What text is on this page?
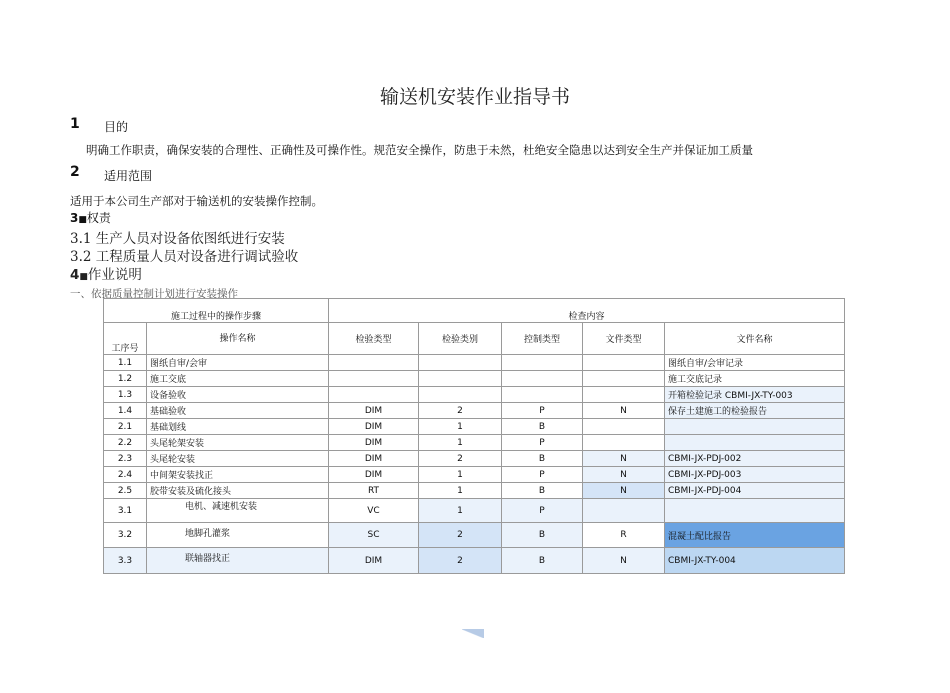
输送机安装作业指导书
1 目的
明确工作职责，确保安装的合理性、正确性及可操作性。规范安全操作，防患于未然，杜绝安全隐患以达到安全生产并保证加工质量
2 适用范围
适用于本公司生产部对于输送机的安装操作控制。
3■权责
3.1 生产人员对设备依图纸进行安装
3.2 工程质量人员对设备进行调试验收
4■作业说明
一、依据质量控制计划进行安装操作
施工过程中的操作步骤		检查内容				
工序号	操作名称	检验类型	检验类别	控制类型	文件类型	文件名称
1.1	图纸自审/会审					图纸自审/会审记录
1.2	施工交底					施工交底记录
1.3	设备验收					开箱检验记录 CBMI-JX-TY-003
1.4	基础验收	DIM	2	P	N	保存土建施工的检验报告
2.1	基础划线	DIM	1	B		
2.2	头尾轮架安装	DIM	1	P		
2.3	头尾轮安装	DIM	2	B	N	CBMI-JX-PDJ-002
2.4	中间架安装找正	DIM	1	P	N	CBMI-JX-PDJ-003
2.5	胶带安装及硫化接头	RT	1	B	N	CBMI-JX-PDJ-004
3.1	电机、减速机安装	VC	1	P		
3.2	地脚孔灌浆	SC	2	B	R	混凝土配比报告
3.3	联轴器找正	DIM	2	B	N	CBMI-JX-TY-004
